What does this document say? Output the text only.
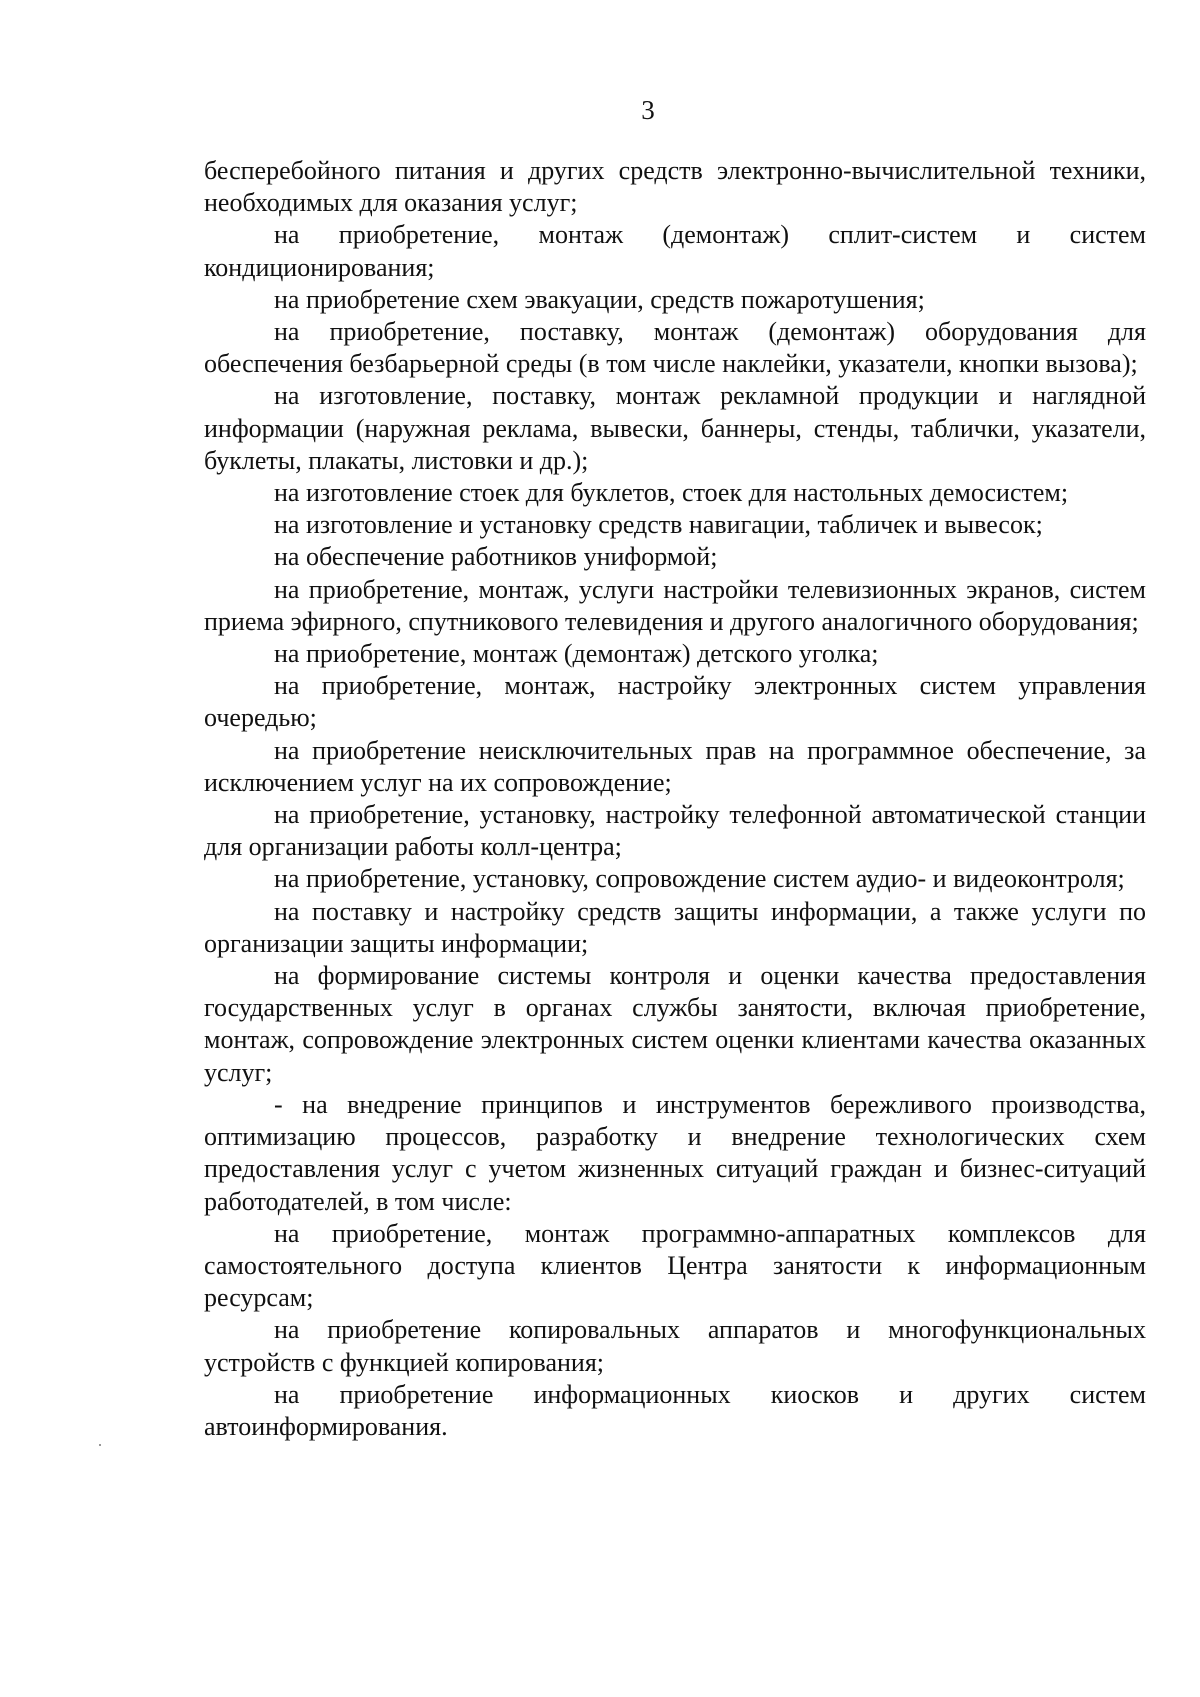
3

бесперебойного питания и других средств электронно-вычислительной техники, необходимых для оказания услуг;

на приобретение, монтаж (демонтаж) сплит-систем и систем кондиционирования;

на приобретение схем эвакуации, средств пожаротушения;

на приобретение, поставку, монтаж (демонтаж) оборудования для обеспечения безбарьерной среды (в том числе наклейки, указатели, кнопки вызова);

на изготовление, поставку, монтаж рекламной продукции и наглядной информации (наружная реклама, вывески, баннеры, стенды, таблички, указатели, буклеты, плакаты, листовки и др.);

на изготовление стоек для буклетов, стоек для настольных демосистем;

на изготовление и установку средств навигации, табличек и вывесок;

на обеспечение работников униформой;

на приобретение, монтаж, услуги настройки телевизионных экранов, систем приема эфирного, спутникового телевидения и другого аналогичного оборудования;

на приобретение, монтаж (демонтаж) детского уголка;

на приобретение, монтаж, настройку электронных систем управления очередью;

на приобретение неисключительных прав на программное обеспечение, за исключением услуг на их сопровождение;

на приобретение, установку, настройку телефонной автоматической станции для организации работы колл-центра;

на приобретение, установку, сопровождение систем аудио- и видеоконтроля;

на поставку и настройку средств защиты информации, а также услуги по организации защиты информации;

на формирование системы контроля и оценки качества предоставления государственных услуг в органах службы занятости, включая приобретение, монтаж, сопровождение электронных систем оценки клиентами качества оказанных услуг;

- на внедрение принципов и инструментов бережливого производства, оптимизацию процессов, разработку и внедрение технологических схем предоставления услуг с учетом жизненных ситуаций граждан и бизнес-ситуаций работодателей, в том числе:

на приобретение, монтаж программно-аппаратных комплексов для самостоятельного доступа клиентов Центра занятости к информационным ресурсам;

на приобретение копировальных аппаратов и многофункциональных устройств с функцией копирования;

на приобретение информационных киосков и других систем автоинформирования.
